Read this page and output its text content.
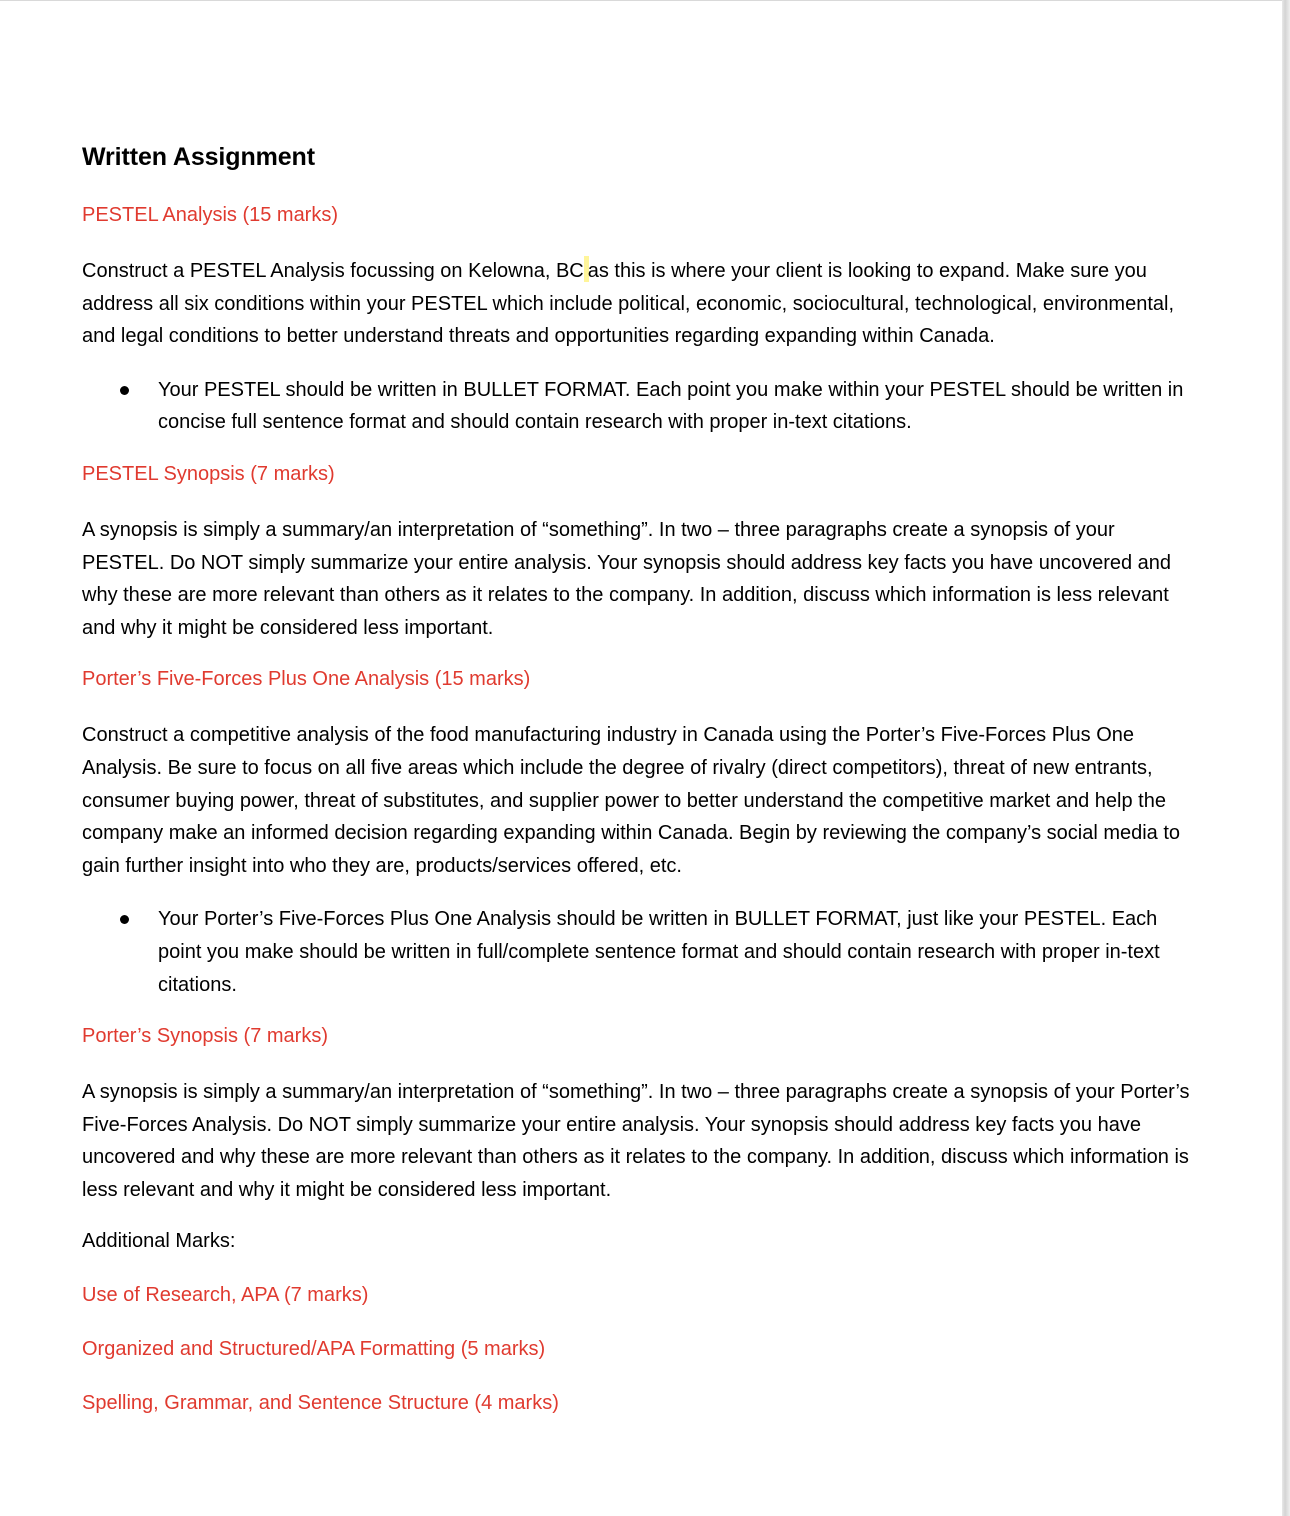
Written Assignment
PESTEL Analysis (15 marks)

Construct a PESTEL Analysis focussing on Kelowna, BC as this is where your client is looking to expand. Make sure you address all six conditions within your PESTEL which include political, economic, sociocultural, technological, environmental, and legal conditions to better understand threats and opportunities regarding expanding within Canada.

Your PESTEL should be written in BULLET FORMAT. Each point you make within your PESTEL should be written in concise full sentence format and should contain research with proper in-text citations.
PESTEL Synopsis (7 marks)

A synopsis is simply a summary/an interpretation of “something”. In two – three paragraphs create a synopsis of your PESTEL. Do NOT simply summarize your entire analysis. Your synopsis should address key facts you have uncovered and why these are more relevant than others as it relates to the company. In addition, discuss which information is less relevant and why it might be considered less important.

Porter’s Five-Forces Plus One Analysis (15 marks)

Construct a competitive analysis of the food manufacturing industry in Canada using the Porter’s Five-Forces Plus One Analysis. Be sure to focus on all five areas which include the degree of rivalry (direct competitors), threat of new entrants, consumer buying power, threat of substitutes, and supplier power to better understand the competitive market and help the company make an informed decision regarding expanding within Canada. Begin by reviewing the company’s social media to gain further insight into who they are, products/services offered, etc.

Your Porter’s Five-Forces Plus One Analysis should be written in BULLET FORMAT, just like your PESTEL. Each point you make should be written in full/complete sentence format and should contain research with proper in-text citations.
Porter’s Synopsis (7 marks)

A synopsis is simply a summary/an interpretation of “something”. In two – three paragraphs create a synopsis of your Porter’s Five-Forces Analysis. Do NOT simply summarize your entire analysis. Your synopsis should address key facts you have uncovered and why these are more relevant than others as it relates to the company. In addition, discuss which information is less relevant and why it might be considered less important.

Additional Marks:
Use of Research, APA (7 marks)
Organized and Structured/APA Formatting (5 marks)
Spelling, Grammar, and Sentence Structure (4 marks)
